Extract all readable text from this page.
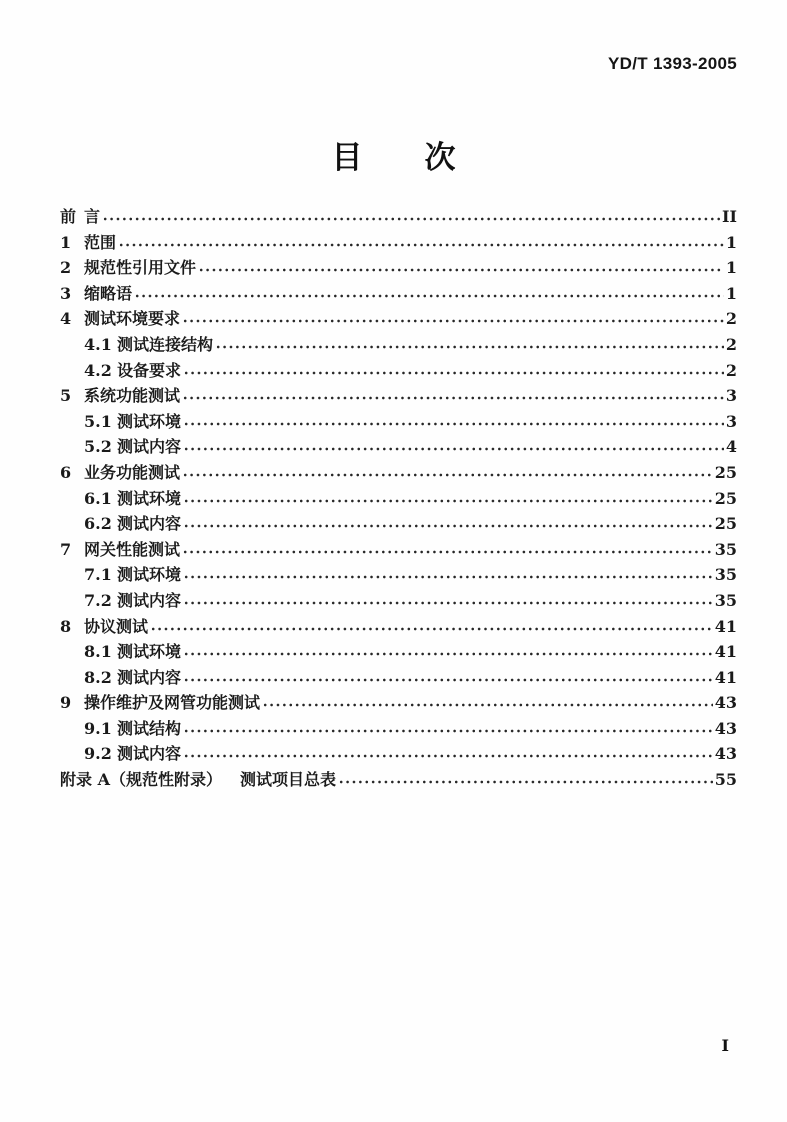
YD/T 1393-2005
目　　次
前 言	II
1 范围	1
2 规范性引用文件	1
3 缩略语	1
4 测试环境要求	2
4.1 测试连接结构	2
4.2 设备要求	2
5 系统功能测试	3
5.1 测试环境	3
5.2 测试内容	4
6 业务功能测试	25
6.1 测试环境	25
6.2 测试内容	25
7 网关性能测试	35
7.1 测试环境	35
7.2 测试内容	35
8 协议测试	41
8.1 测试环境	41
8.2 测试内容	41
9 操作维护及网管功能测试	43
9.1 测试结构	43
9.2 测试内容	43
附录 A（规范性附录） 测试项目总表	55
I
